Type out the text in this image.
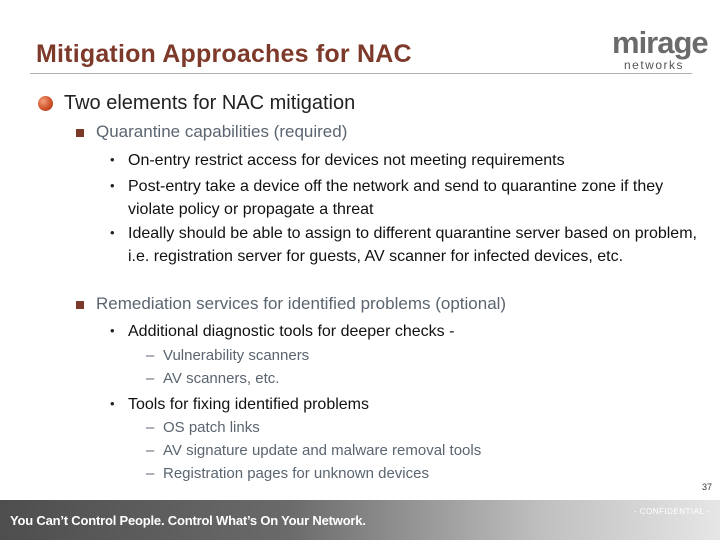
Mitigation Approaches for NAC	mirage
networks
Two elements for NAC mitigation
Quarantine capabilities (required)
• On-entry restrict access for devices not meeting requirements
• Post-entry take a device off the network and send to quarantine zone if they violate policy or propagate a threat
• Ideally should be able to assign to different quarantine server based on problem, i.e. registration server for guests, AV scanner for infected devices, etc.
Remediation services for identified problems (optional)
• Additional diagnostic tools for deeper checks -
– Vulnerability scanners
– AV scanners, etc.
• Tools for fixing identified problems
– OS patch links
– AV signature update and malware removal tools
– Registration pages for unknown devices
37
You Can’t Control People. Control What’s On Your Network.
- CONFIDENTIAL -
